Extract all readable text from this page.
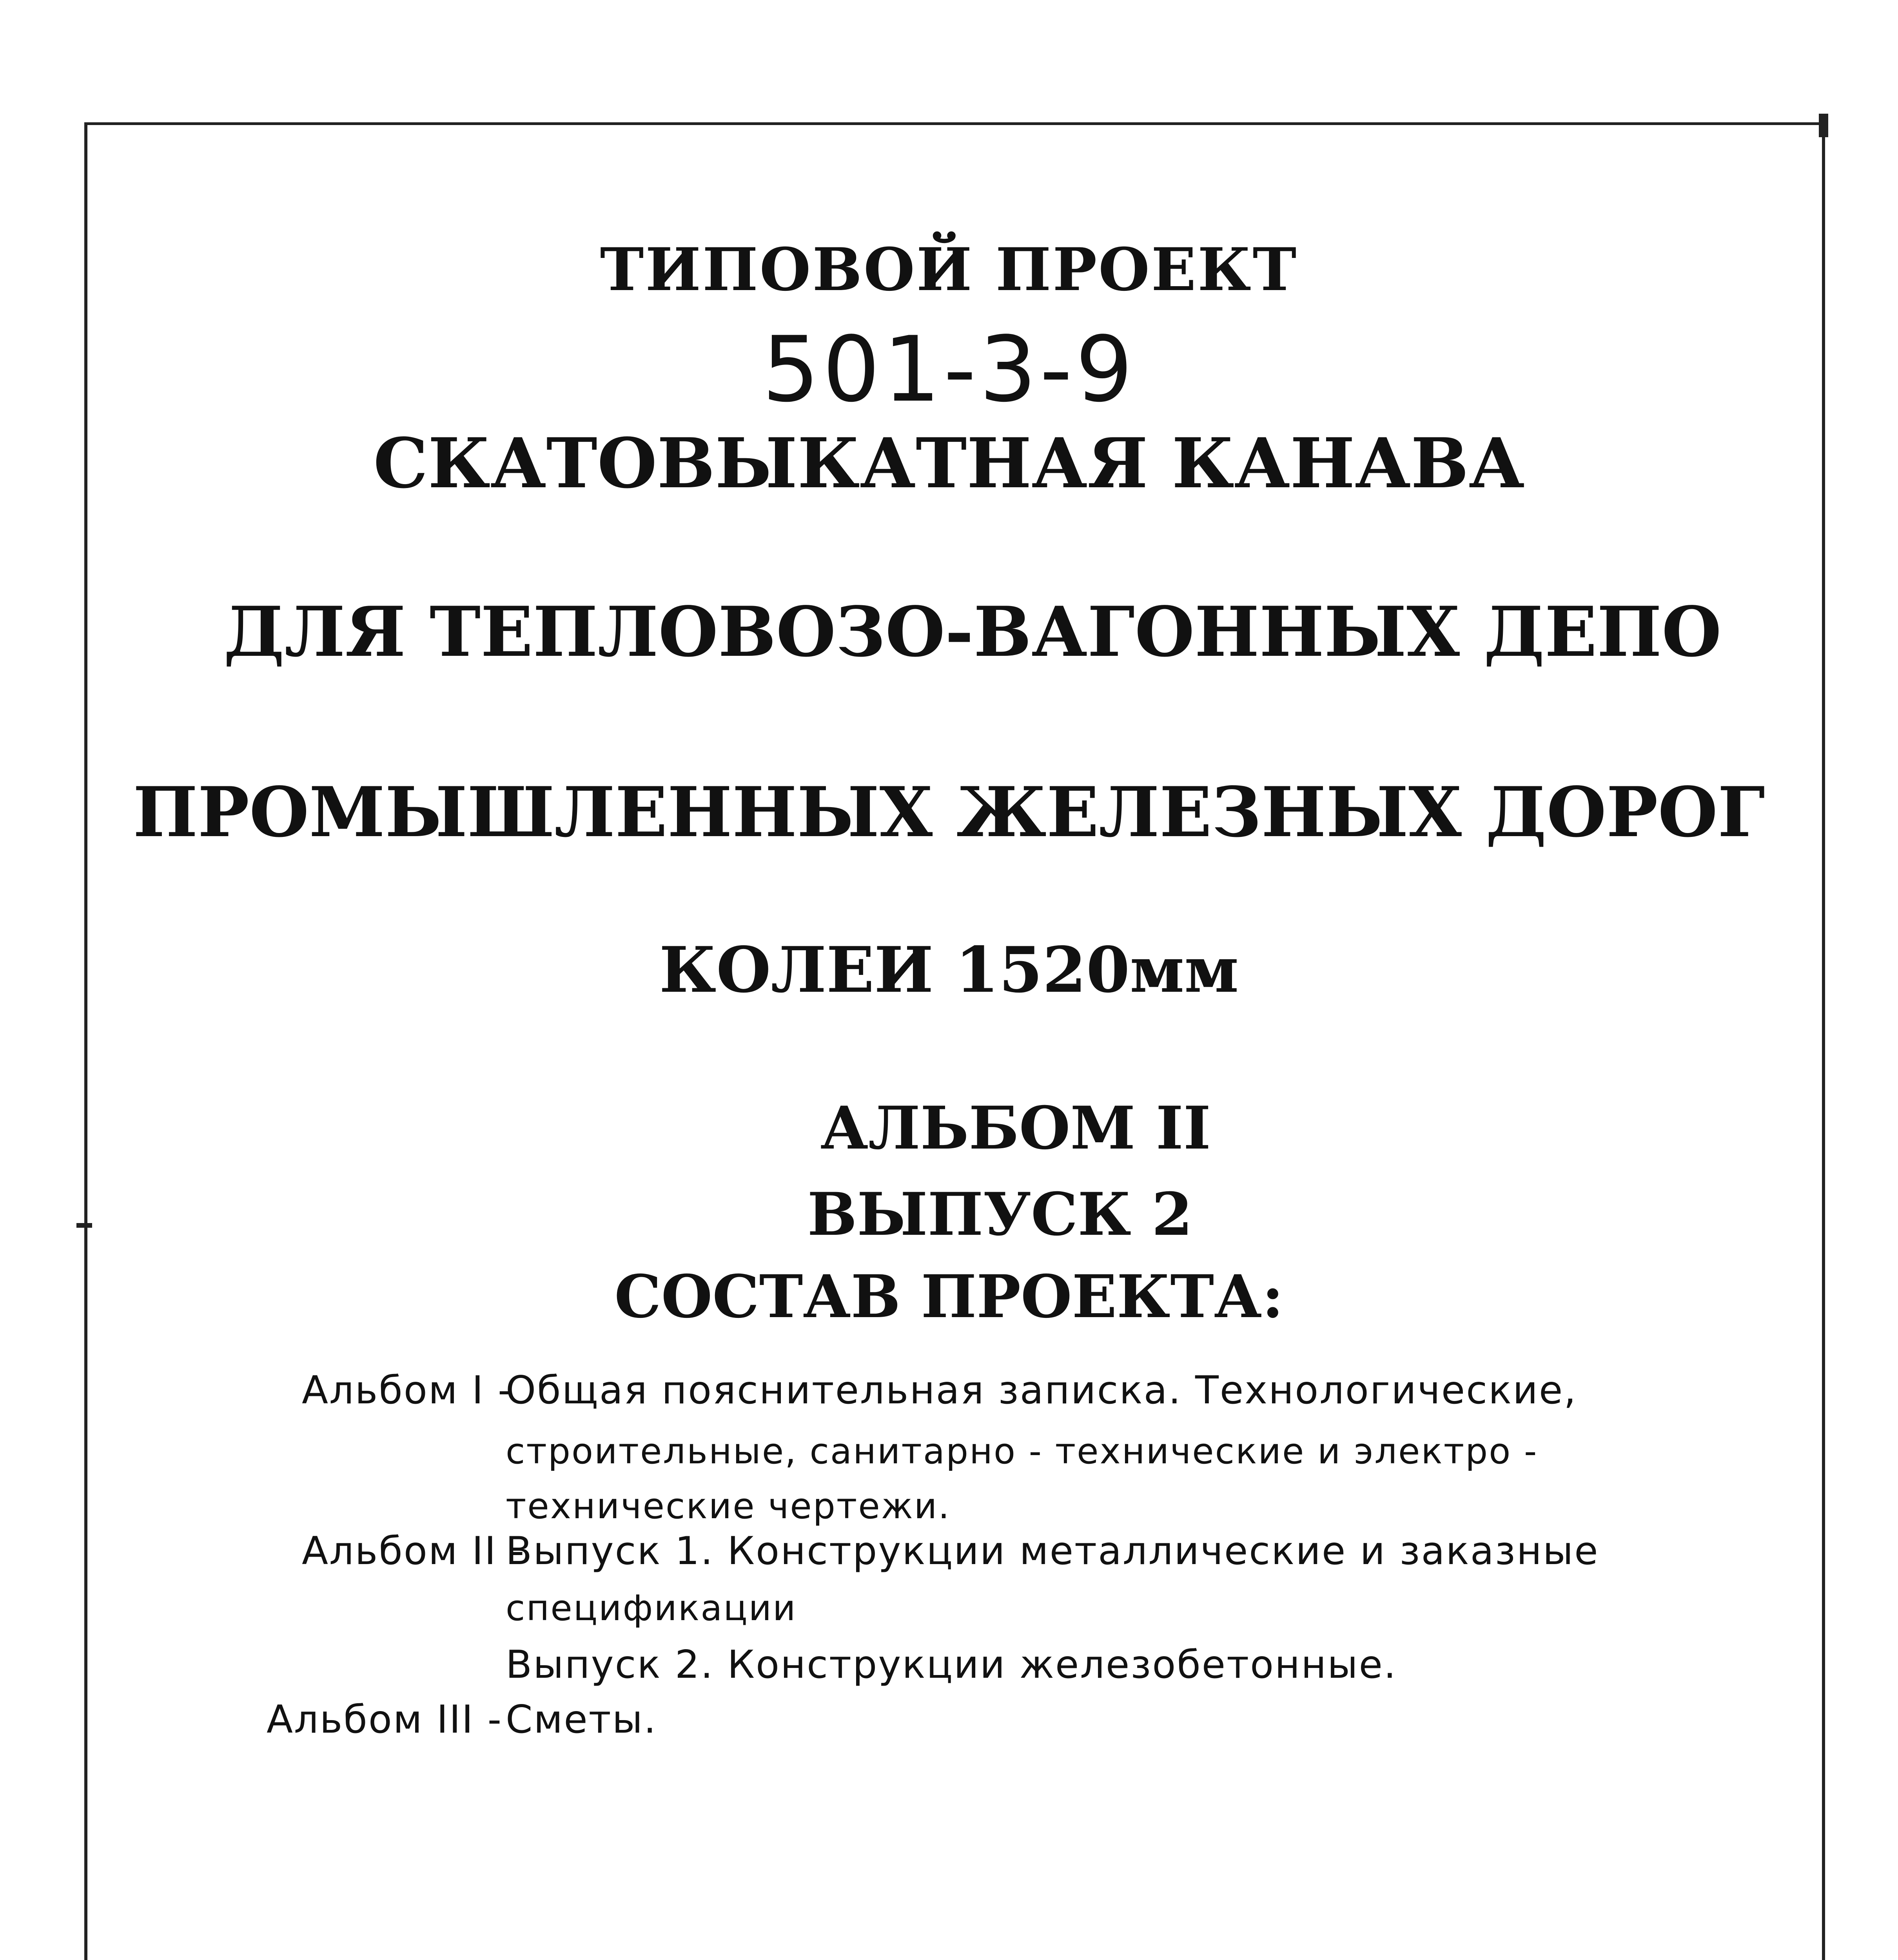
ТИПОВОЙ ПРОЕКТ
501-3-9
СКАТОВЫКАТНАЯ КАНАВА
ДЛЯ ТЕПЛОВОЗО-ВАГОННЫХ ДЕПО
ПРОМЫШЛЕННЫХ ЖЕЛЕЗНЫХ ДОРОГ
КОЛЕИ 1520мм
АЛЬБОМ II
ВЫПУСК 2
СОСТАВ ПРОЕКТА:
Альбом I -
Общая пояснительная записка. Технологические,
строительные, санитарно - технические и электро -
технические чертежи.
Альбом II -
Выпуск 1. Конструкции металлические и заказные
спецификации
Выпуск 2. Конструкции железобетонные.
Альбом III - Сметы.
